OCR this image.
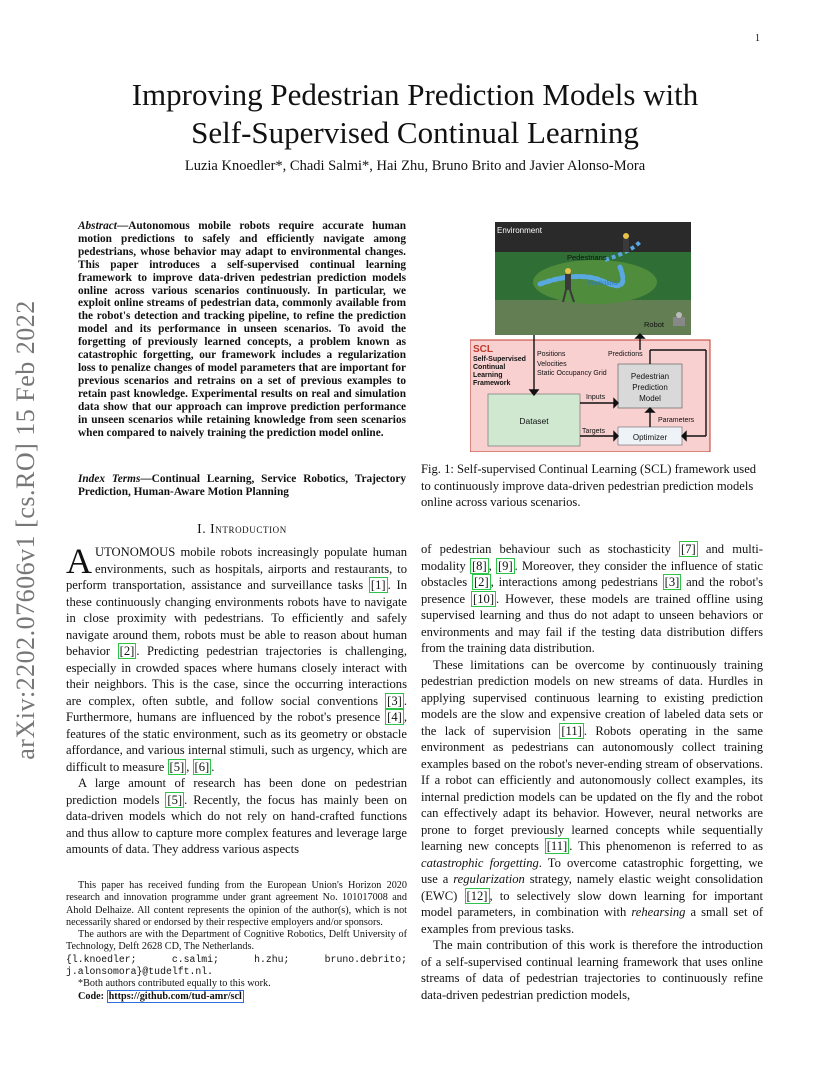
1
arXiv:2202.07606v1 [cs.RO] 15 Feb 2022
Improving Pedestrian Prediction Models with
Self-Supervised Continual Learning
Luzia Knoedler*, Chadi Salmi*, Hai Zhu, Bruno Brito and Javier Alonso-Mora
Abstract—Autonomous mobile robots require accurate human motion predictions to safely and efficiently navigate among pedestrians, whose behavior may adapt to environmental changes. This paper introduces a self-supervised continual learning framework to improve data-driven pedestrian prediction models online across various scenarios continuously. In particular, we exploit online streams of pedestrian data, commonly available from the robot's detection and tracking pipeline, to refine the prediction model and its performance in unseen scenarios. To avoid the forgetting of previously learned concepts, a problem known as catastrophic forgetting, our framework includes a regularization loss to penalize changes of model parameters that are important for previous scenarios and retrains on a set of previous examples to retain past knowledge. Experimental results on real and simulation data show that our approach can improve prediction performance in unseen scenarios while retaining knowledge from seen scenarios when compared to naively training the prediction model online.
Index Terms—Continual Learning, Service Robotics, Trajectory Prediction, Human-Aware Motion Planning
I. Introduction
AUTONOMOUS mobile robots increasingly populate human environments, such as hospitals, airports and restaurants, to perform transportation, assistance and surveillance tasks [1] . In these continuously changing environments robots have to navigate in close proximity with pedestrians. To efficiently and safely navigate around them, robots must be able to reason about human behavior [2] . Predicting pedestrian trajectories is challenging, especially in crowded spaces where humans closely interact with their neighbors. This is the case, since the occurring interactions are complex, often subtle, and follow social conventions [3] . Furthermore, humans are influenced by the robot's presence [4] , features of the static environment, such as its geometry or obstacle affordance, and various internal stimuli, such as urgency, which are difficult to measure [5] , [6] .
A large amount of research has been done on pedestrian prediction models [5] . Recently, the focus has mainly been on data-driven models which do not rely on hand-crafted functions and thus allow to capture more complex features and leverage large amounts of data. They address various aspects
This paper has received funding from the European Union's Horizon 2020 research and innovation programme under grant agreement No. 101017008 and Ahold Delhaize. All content represents the opinion of the author(s), which is not necessarily shared or endorsed by their respective employers and/or sponsors.
The authors are with the Department of Cognitive Robotics, Delft University of Technology, Delft 2628 CD, The Netherlands.
{l.knoedler; c.salmi; h.zhu; bruno.debrito; j.alonsomora}@tudelft.nl.
*Both authors contributed equally to this work.
Code: https://github.com/tud-amr/scl
Environment
Pedestrians
Predictions
Robot
SCL
Self-Supervised
Continual
Learning
Framework
Positions
Velocities
Static Occupancy Grid
Predictions
Pedestrian
Prediction
Model
Dataset
Optimizer
Inputs
Parameters
Targets
Fig. 1: Self-supervised Continual Learning (SCL) framework used to continuously improve data-driven pedestrian prediction models online across various scenarios.

of pedestrian behaviour such as stochasticity [7] and multi-modality [8] , [9] . Moreover, they consider the influence of static obstacles [2] , interactions among pedestrians [3] and the robot's presence [10] . However, these models are trained offline using supervised learning and thus do not adapt to unseen behaviors or environments and may fail if the testing data distribution differs from the training data distribution.

These limitations can be overcome by continuously training pedestrian prediction models on new streams of data. Hurdles in applying supervised continuous learning to existing prediction models are the slow and expensive creation of labeled data sets or the lack of supervision [11] . Robots operating in the same environment as pedestrians can autonomously collect training examples based on the robot's never-ending stream of observations. If a robot can efficiently and autonomously collect examples, its internal prediction models can be updated on the fly and the robot can effectively adapt its behavior. However, neural networks are prone to forget previously learned concepts while sequentially learning new concepts [11] . This phenomenon is referred to as catastrophic forgetting. To overcome catastrophic forgetting, we use a regularization strategy, namely elastic weight consolidation (EWC) [12] , to selectively slow down learning for important model parameters, in combination with rehearsing a small set of examples from previous tasks.

The main contribution of this work is therefore the introduction of a self-supervised continual learning framework that uses online streams of data of pedestrian trajectories to continuously refine data-driven pedestrian prediction models,
